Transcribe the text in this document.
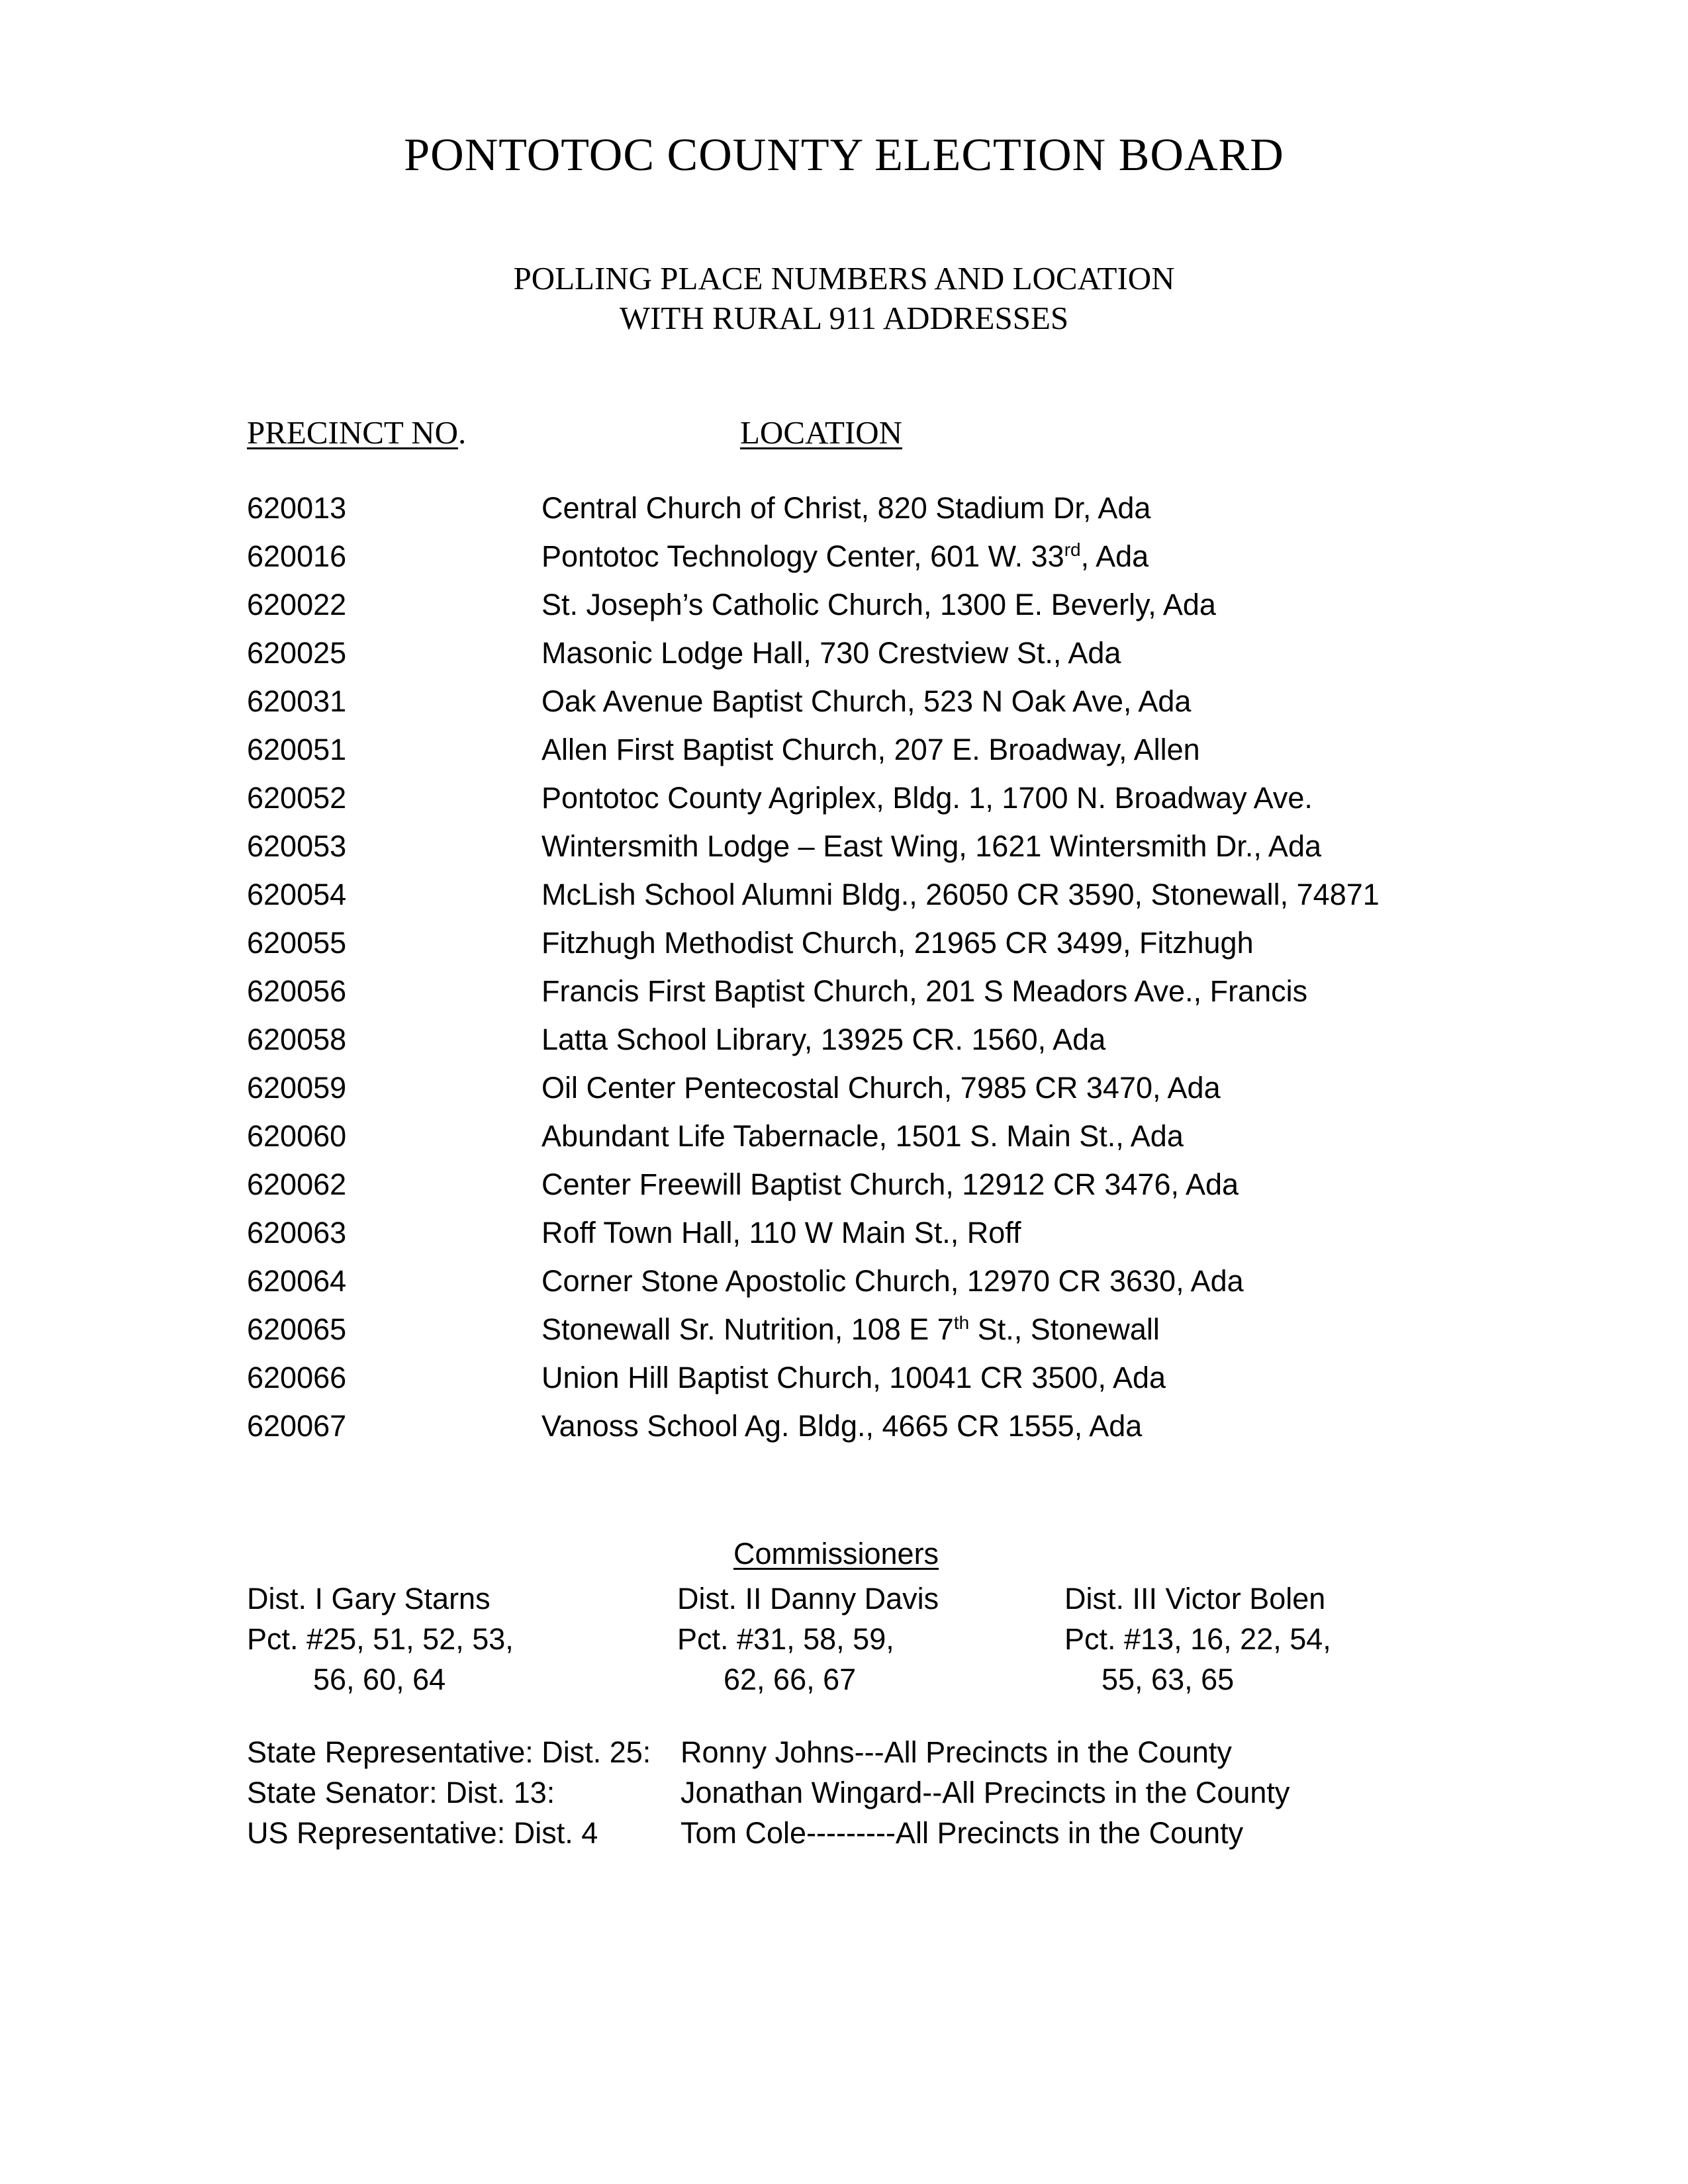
PONTOTOC COUNTY ELECTION BOARD
POLLING PLACE NUMBERS AND LOCATION
WITH RURAL 911 ADDRESSES
PRECINCT NO.	LOCATION
620013	Central Church of Christ, 820 Stadium Dr, Ada
620016	Pontotoc Technology Center, 601 W. 33rd, Ada
620022	St. Joseph’s Catholic Church, 1300 E. Beverly, Ada
620025	Masonic Lodge Hall, 730 Crestview St., Ada
620031	Oak Avenue Baptist Church, 523 N Oak Ave, Ada
620051	Allen First Baptist Church, 207 E. Broadway, Allen
620052	Pontotoc County Agriplex, Bldg. 1, 1700 N. Broadway Ave.
620053	Wintersmith Lodge – East Wing, 1621 Wintersmith Dr., Ada
620054	McLish School Alumni Bldg., 26050 CR 3590, Stonewall, 74871
620055	Fitzhugh Methodist Church, 21965 CR 3499, Fitzhugh
620056	Francis First Baptist Church, 201 S Meadors Ave., Francis
620058	Latta School Library, 13925 CR. 1560, Ada
620059	Oil Center Pentecostal Church, 7985 CR 3470, Ada
620060	Abundant Life Tabernacle, 1501 S. Main St., Ada
620062	Center Freewill Baptist Church, 12912 CR 3476, Ada
620063	Roff Town Hall, 110 W Main St., Roff
620064	Corner Stone Apostolic Church, 12970 CR 3630, Ada
620065	Stonewall Sr. Nutrition, 108 E 7th St., Stonewall
620066	Union Hill Baptist Church, 10041 CR 3500, Ada
620067	Vanoss School Ag. Bldg., 4665 CR 1555, Ada
Commissioners
Dist. I Gary Starns
Pct. #25, 51, 52, 53,
56, 60, 64
Dist. II Danny Davis
Pct. #31, 58, 59,
62, 66, 67
Dist. III Victor Bolen
Pct. #13, 16, 22, 54,
55, 63, 65
State Representative: Dist. 25: Ronny Johns---All Precincts in the County
State Senator: Dist. 13:	Jonathan Wingard--All Precincts in the County
US Representative: Dist. 4	Tom Cole---------All Precincts in the County
